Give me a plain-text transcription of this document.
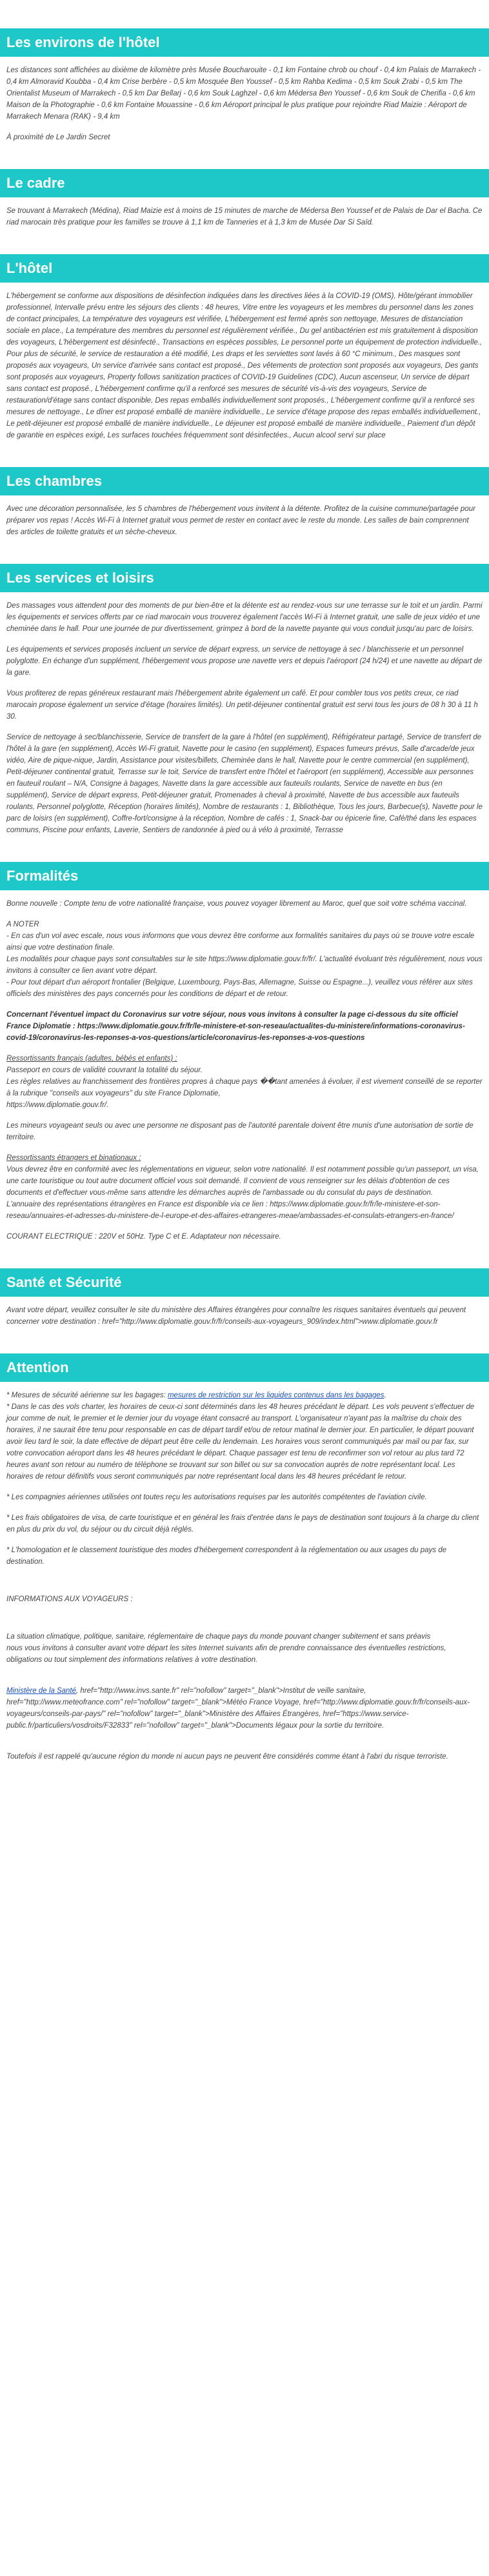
Les environs de l'hôtel

Les distances sont affichées au dixième de kilomètre près Musée Boucharouite - 0,1 km Fontaine chrob ou chouf - 0,4 km Palais de Marrakech - 0,4 km Almoravid Koubba - 0,4 km Crise berbère - 0,5 km Mosquée Ben Youssef - 0,5 km Rahba Kedima - 0,5 km Souk Zrabi - 0,5 km The Orientalist Museum of Marrakech - 0,5 km Dar Bellarj - 0,6 km Souk Laghzel - 0,6 km Médersa Ben Youssef - 0,6 km Souk de Cherifia - 0,6 km Maison de la Photographie - 0,6 km Fontaine Mouassine - 0,6 km Aéroport principal le plus pratique pour rejoindre Riad Maizie : Aéroport de Marrakech Menara (RAK) - 9,4 km

À proximité de Le Jardin Secret

Le cadre

Se trouvant à Marrakech (Médina), Riad Maizie est à moins de 15 minutes de marche de Médersa Ben Youssef et de Palais de Dar el Bacha. Ce riad marocain très pratique pour les familles se trouve à 1,1 km de Tanneries et à 1,3 km de Musée Dar Si Saïd.

L'hôtel

L'hébergement se conforme aux dispositions de désinfection indiquées dans les directives liées à la COVID-19 (OMS), Hôte/gérant immobilier professionnel, Intervalle prévu entre les séjours des clients : 48 heures, Vitre entre les voyageurs et les membres du personnel dans les zones de contact principales, La température des voyageurs est vérifiée, L'hébergement est fermé après son nettoyage, Mesures de distanciation sociale en place., La température des membres du personnel est régulièrement vérifiée., Du gel antibactérien est mis gratuitement à disposition des voyageurs, L'hébergement est désinfecté., Transactions en espèces possibles, Le personnel porte un équipement de protection individuelle., Pour plus de sécurité, le service de restauration a été modifié, Les draps et les serviettes sont lavés à 60 °C minimum., Des masques sont proposés aux voyageurs, Un service d'arrivée sans contact est proposé., Des vêtements de protection sont proposés aux voyageurs, Des gants sont proposés aux voyageurs, Property follows sanitization practices of COVID-19 Guidelines (CDC), Aucun ascenseur, Un service de départ sans contact est proposé., L'hébergement confirme qu'il a renforcé ses mesures de sécurité vis-à-vis des voyageurs, Service de restauration/d'étage sans contact disponible, Des repas emballés individuellement sont proposés., L'hébergement confirme qu'il a renforcé ses mesures de nettoyage., Le dîner est proposé emballé de manière individuelle., Le service d'étage propose des repas emballés individuellement., Le petit-déjeuner est proposé emballé de manière individuelle., Le déjeuner est proposé emballé de manière individuelle., Paiement d'un dépôt de garantie en espèces exigé, Les surfaces touchées fréquemment sont désinfectées., Aucun alcool servi sur place

Les chambres

Avec une décoration personnalisée, les 5 chambres de l'hébergement vous invitent à la détente. Profitez de la cuisine commune/partagée pour préparer vos repas ! Accès Wi-Fi à Internet gratuit vous permet de rester en contact avec le reste du monde. Les salles de bain comprennent des articles de toilette gratuits et un sèche-cheveux.

Les services et loisirs

Des massages vous attendent pour des moments de pur bien-être et la détente est au rendez-vous sur une terrasse sur le toit et un jardin. Parmi les équipements et services offerts par ce riad marocain vous trouverez également l'accès Wi-Fi à Internet gratuit, une salle de jeux vidéo et une cheminée dans le hall. Pour une journée de pur divertissement, grimpez à bord de la navette payante qui vous conduit jusqu'au parc de loisirs.

Les équipements et services proposés incluent un service de départ express, un service de nettoyage à sec / blanchisserie et un personnel polyglotte. En échange d'un supplément, l'hébergement vous propose une navette vers et depuis l'aéroport (24 h/24) et une navette au départ de la gare.

Vous profiterez de repas généreux restaurant mais l'hébergement abrite également un café. Et pour combler tous vos petits creux, ce riad marocain propose également un service d'étage (horaires limités). Un petit-déjeuner continental gratuit est servi tous les jours de 08 h 30 à 11 h 30.

Service de nettoyage à sec/blanchisserie, Service de transfert de la gare à l'hôtel (en supplément), Réfrigérateur partagé, Service de transfert de l'hôtel à la gare (en supplément), Accès Wi-Fi gratuit, Navette pour le casino (en supplément), Espaces fumeurs prévus, Salle d'arcade/de jeux vidéo, Aire de pique-nique, Jardin, Assistance pour visites/billets, Cheminée dans le hall, Navette pour le centre commercial (en supplément), Petit-déjeuner continental gratuit, Terrasse sur le toit, Service de transfert entre l'hôtel et l'aéroport (en supplément), Accessible aux personnes en fauteuil roulant – N/A, Consigne à bagages, Navette dans la gare accessible aux fauteuils roulants, Service de navette en bus (en supplément), Service de départ express, Petit-déjeuner gratuit, Promenades à cheval à proximité, Navette de bus accessible aux fauteuils roulants, Personnel polyglotte, Réception (horaires limités), Nombre de restaurants : 1, Bibliothèque, Tous les jours, Barbecue(s), Navette pour le parc de loisirs (en supplément), Coffre-fort/consigne à la réception, Nombre de cafés : 1, Snack-bar ou épicerie fine, Café/thé dans les espaces communs, Piscine pour enfants, Laverie, Sentiers de randonnée à pied ou à vélo à proximité, Terrasse

Formalités

Bonne nouvelle : Compte tenu de votre nationalité française, vous pouvez voyager librement au Maroc, quel que soit votre schéma vaccinal.

A NOTER
- En cas d'un vol avec escale, nous vous informons que vous devrez être conforme aux formalités sanitaires du pays où se trouve votre escale ainsi que votre destination finale.
Les modalités pour chaque pays sont consultables sur le site https://www.diplomatie.gouv.fr/fr/. L'actualité évoluant très régulièrement, nous vous invitons à consulter ce lien avant votre départ.
- Pour tout départ d'un aéroport frontalier (Belgique, Luxembourg, Pays-Bas, Allemagne, Suisse ou Espagne...), veuillez vous référer aux sites officiels des ministères des pays concernés pour les conditions de départ et de retour.

Concernant l'éventuel impact du Coronavirus sur votre séjour, nous vous invitons à consulter la page ci-dessous du site officiel France Diplomatie : https://www.diplomatie.gouv.fr/fr/le-ministere-et-son-reseau/actualites-du-ministere/informations-coronavirus-covid-19/coronavirus-les-reponses-a-vos-questions/article/coronavirus-les-reponses-a-vos-questions

Ressortissants français (adultes, bébés et enfants) :
Passeport en cours de validité couvrant la totalité du séjour.
Les règles relatives au franchissement des frontières propres à chaque pays ��tant amenées à évoluer, il est vivement conseillé de se reporter à la rubrique "conseils aux voyageurs" du site France Diplomatie,
https://www.diplomatie.gouv.fr/.

Les mineurs voyageant seuls ou avec une personne ne disposant pas de l'autorité parentale doivent être munis d'une autorisation de sortie de territoire.

Ressortissants étrangers et binationaux :
Vous devrez être en conformité avec les réglementations en vigueur, selon votre nationalité. Il est notamment possible qu'un passeport, un visa, une carte touristique ou tout autre document officiel vous soit demandé. Il convient de vous renseigner sur les délais d'obtention de ces documents et d'effectuer vous-même sans attendre les démarches auprès de l'ambassade ou du consulat du pays de destination.
L'annuaire des représentations étrangères en France est disponible via ce lien : https://www.diplomatie.gouv.fr/fr/le-ministere-et-son-reseau/annuaires-et-adresses-du-ministere-de-l-europe-et-des-affaires-etrangeres-meae/ambassades-et-consulats-etrangers-en-france/

COURANT ELECTRIQUE : 220V et 50Hz. Type C et E. Adaptateur non nécessaire.

Santé et Sécurité

Avant votre départ, veuillez consulter le site du ministère des Affaires étrangères pour connaître les risques sanitaires éventuels qui peuvent concerner votre destination : href="http://www.diplomatie.gouv.fr/fr/conseils-aux-voyageurs_909/index.html">www.diplomatie.gouv.fr

Attention

* Mesures de sécurité aérienne sur les bagages: mesures de restriction sur les liquides contenus dans les bagages.

* Dans le cas des vols charter, les horaires de ceux-ci sont déterminés dans les 48 heures précédant le départ. Les vols peuvent s'effectuer de jour comme de nuit, le premier et le dernier jour du voyage étant consacré au transport. L'organisateur n'ayant pas la maîtrise du choix des horaires, il ne saurait être tenu pour responsable en cas de départ tardif et/ou de retour matinal le dernier jour. En particulier, le départ pouvant avoir lieu tard le soir, la date effective de départ peut être celle du lendemain. Les horaires vous seront communiqués par mail ou par fax, sur votre convocation aéroport dans les 48 heures précédant le départ. Chaque passager est tenu de reconfirmer son vol retour au plus tard 72 heures avant son retour au numéro de téléphone se trouvant sur son billet ou sur sa convocation auprès de notre représentant local. Les horaires de retour définitifs vous seront communiqués par notre représentant local dans les 48 heures précédant le retour.

* Les compagnies aériennes utilisées ont toutes reçu les autorisations requises par les autorités compétentes de l'aviation civile.

* Les frais obligatoires de visa, de carte touristique et en général les frais d'entrée dans le pays de destination sont toujours à la charge du client en plus du prix du vol, du séjour ou du circuit déjà réglés.

* L'homologation et le classement touristique des modes d'hébergement correspondent à la réglementation ou aux usages du pays de destination.

INFORMATIONS AUX VOYAGEURS :

La situation climatique, politique, sanitaire, réglementaire de chaque pays du monde pouvant changer subitement et sans préavis
nous vous invitons à consulter avant votre départ les sites Internet suivants afin de prendre connaissance des éventuelles restrictions, obligations ou tout simplement des informations relatives à votre destination.

Ministère de la Santé, href="http://www.invs.sante.fr" rel="nofollow" target="_blank">Institut de veille sanitaire, href="http://www.meteofrance.com" rel="nofollow" target="_blank">Météo France Voyage, href="http://www.diplomatie.gouv.fr/fr/conseils-aux-voyageurs/conseils-par-pays/" rel="nofollow" target="_blank">Ministère des Affaires Étrangères, href="https://www.service-public.fr/particuliers/vosdroits/F32833" rel="nofollow" target="_blank">Documents légaux pour la sortie du territoire.

Toutefois il est rappelé qu'aucune région du monde ni aucun pays ne peuvent être considérés comme étant à l'abri du risque terroriste.
